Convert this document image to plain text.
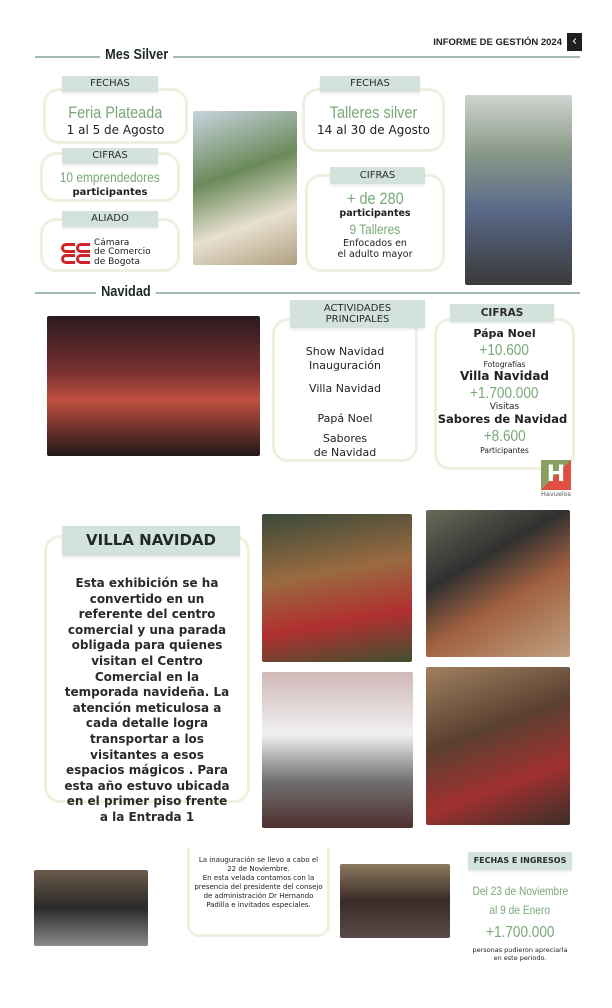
INFORME DE GESTIÓN 2024 ‹
Mes Silver
Feria Plateada
1 al 5 de Agosto
FECHAS
10 emprendedores
participantes
CIFRAS
Cámara
de Comercio
de Bogota
ALIADO
Talleres silver
14 al 30 de Agosto
FECHAS
+ de 280
participantes
9 Talleres
Enfocados en
el adulto mayor
CIFRAS
Navidad
Show Navidad
Inauguración
Villa Navidad
Papá Noel
Sabores
de Navidad
ACTIVIDADES
PRINCIPALES
Pápa Noel
+10.600
Fotografías
Villa Navidad
+1.700.000
Visitas
Sabores de Navidad
+8.600
Participantes
CIFRAS
H
Havuelos
Esta exhibición se ha convertido en un referente del centro comercial y una parada obligada para quienes visitan el Centro Comercial en la temporada navideña. La atención meticulosa a cada detalle logra transportar a los visitantes a esos espacios mágicos . Para esta año estuvo ubicada en el primer piso frente a la Entrada 1
VILLA NAVIDAD
La inauguración se llevo a cabo el 22 de Noviembre.
En esta velada contamos con la presencia del presidente del consejo de administración Dr Hernando Padilla e invitados especiales.
FECHAS E INGRESOS
Del 23 de Noviembre
al 9 de Enero
+1.700.000
personas pudieron apreciarla en este periodo.
